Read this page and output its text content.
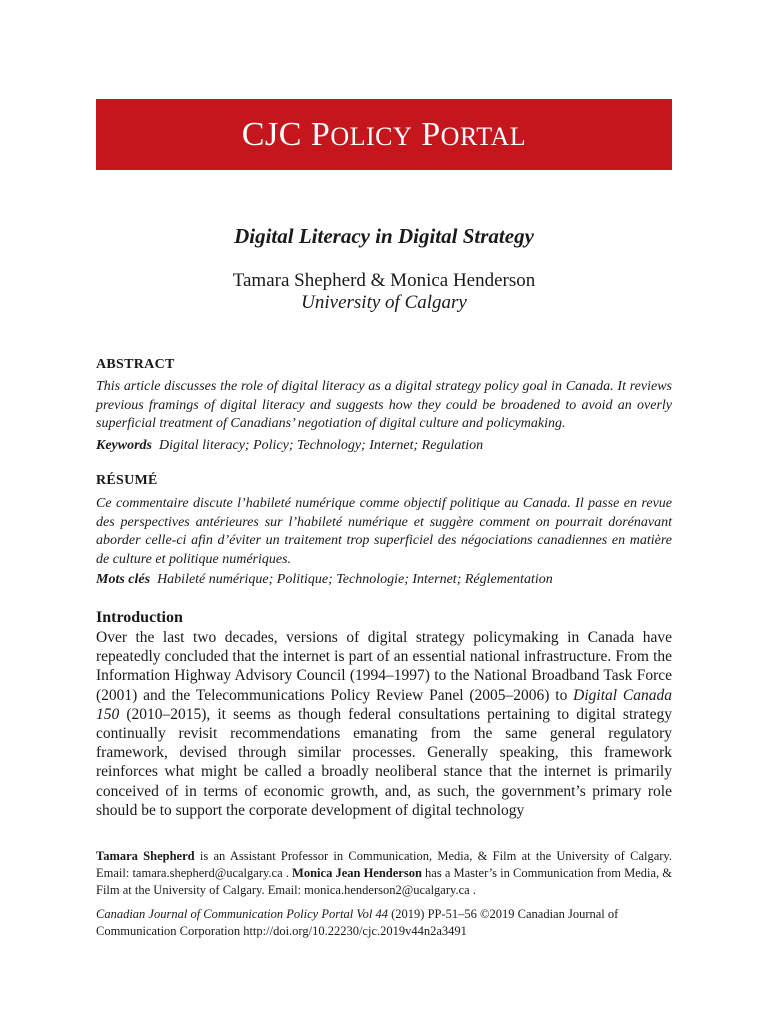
CJC POLICY PORTAL
Digital Literacy in Digital Strategy
Tamara Shepherd & Monica Henderson
University of Calgary
ABSTRACT
This article discusses the role of digital literacy as a digital strategy policy goal in Canada. It reviews previous framings of digital literacy and suggests how they could be broadened to avoid an overly superficial treatment of Canadians’ negotiation of digital culture and policymaking.
Keywords Digital literacy; Policy; Technology; Internet; Regulation
RÉSUMÉ
Ce commentaire discute l’habileté numérique comme objectif politique au Canada. Il passe en revue des perspectives antérieures sur l’habileté numérique et suggère comment on pourrait dorénavant aborder celle-ci afin d’éviter un traitement trop superficiel des négociations canadiennes en matière de culture et politique numériques.
Mots clés Habileté numérique; Politique; Technologie; Internet; Réglementation
Introduction
Over the last two decades, versions of digital strategy policymaking in Canada have repeatedly concluded that the internet is part of an essential national infrastructure. From the Information Highway Advisory Council (1994–1997) to the National Broadband Task Force (2001) and the Telecommunications Policy Review Panel (2005–2006) to Digital Canada 150 (2010–2015), it seems as though federal consultations pertaining to digital strategy continually revisit recommendations emanating from the same general regulatory framework, devised through similar processes. Generally speaking, this framework reinforces what might be called a broadly neoliberal stance that the internet is primarily conceived of in terms of economic growth, and, as such, the government’s primary role should be to support the corporate development of digital technology
Tamara Shepherd is an Assistant Professor in Communication, Media, & Film at the University of Calgary. Email: tamara.shepherd@ucalgary.ca . Monica Jean Henderson has a Master’s in Communication from Media, & Film at the University of Calgary. Email: monica.henderson2@ucalgary.ca .
Canadian Journal of Communication Policy Portal Vol 44 (2019) PP-51–56 ©2019 Canadian Journal of Communication Corporation http://doi.org/10.22230/cjc.2019v44n2a3491
